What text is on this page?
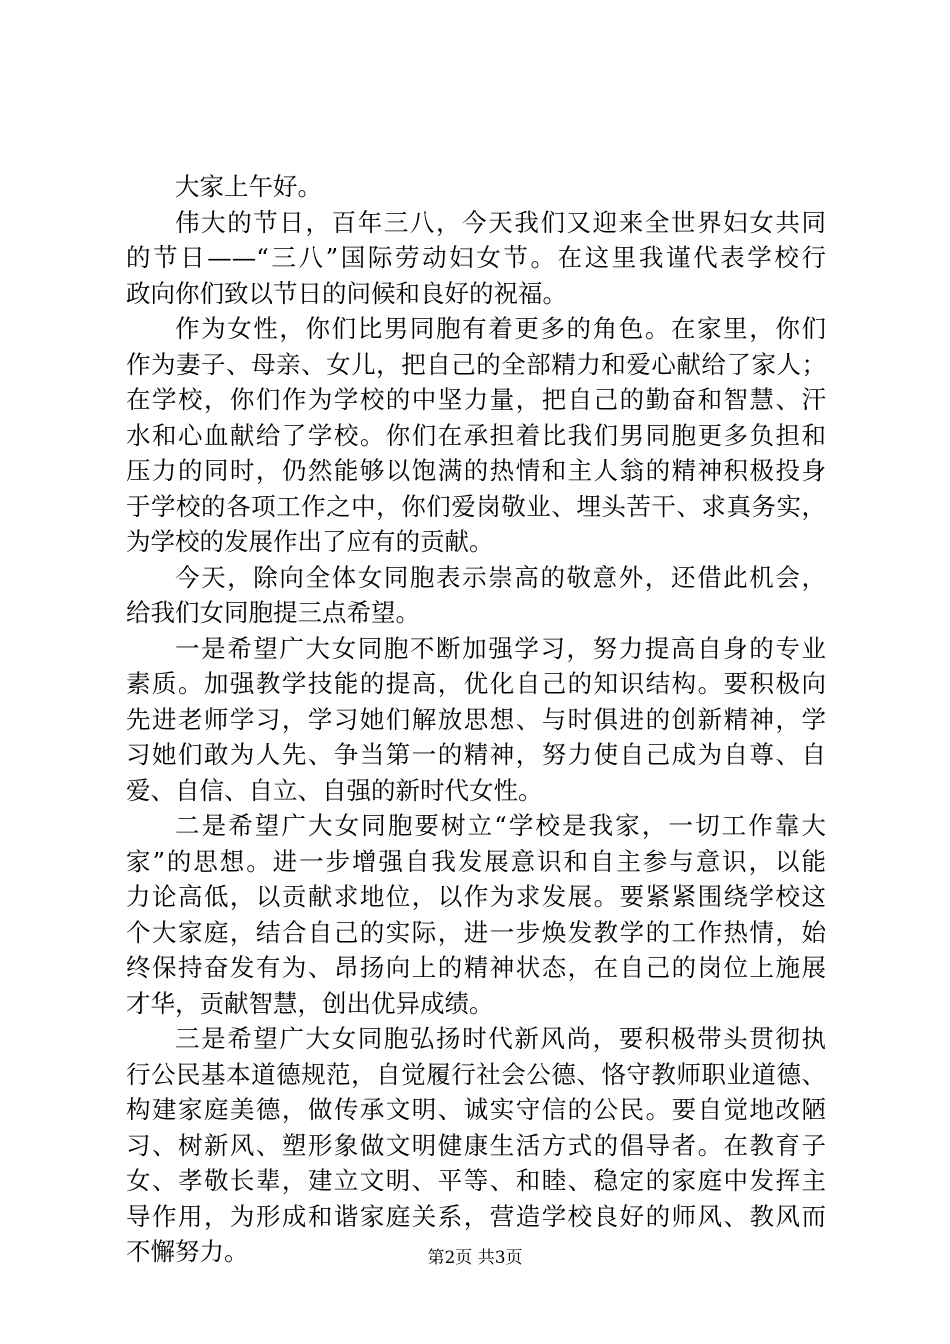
大家上午好。
伟大的节日，百年三八，今天我们又迎来全世界妇女共同
的节日——“三八”国际劳动妇女节。在这里我谨代表学校行
政向你们致以节日的问候和良好的祝福。
作为女性，你们比男同胞有着更多的角色。在家里，你们
作为妻子、母亲、女儿，把自己的全部精力和爱心献给了家人；
在学校，你们作为学校的中坚力量，把自己的勤奋和智慧、汗
水和心血献给了学校。你们在承担着比我们男同胞更多负担和
压力的同时，仍然能够以饱满的热情和主人翁的精神积极投身
于学校的各项工作之中，你们爱岗敬业、埋头苦干、求真务实，
为学校的发展作出了应有的贡献。
今天，除向全体女同胞表示崇高的敬意外，还借此机会，
给我们女同胞提三点希望。
一是希望广大女同胞不断加强学习，努力提高自身的专业
素质。加强教学技能的提高，优化自己的知识结构。要积极向
先进老师学习，学习她们解放思想、与时俱进的创新精神，学
习她们敢为人先、争当第一的精神，努力使自己成为自尊、自
爱、自信、自立、自强的新时代女性。
二是希望广大女同胞要树立“学校是我家，一切工作靠大
家”的思想。进一步增强自我发展意识和自主参与意识，以能
力论高低，以贡献求地位，以作为求发展。要紧紧围绕学校这
个大家庭，结合自己的实际，进一步焕发教学的工作热情，始
终保持奋发有为、昂扬向上的精神状态，在自己的岗位上施展
才华，贡献智慧，创出优异成绩。
三是希望广大女同胞弘扬时代新风尚，要积极带头贯彻执
行公民基本道德规范，自觉履行社会公德、恪守教师职业道德、
构建家庭美德，做传承文明、诚实守信的公民。要自觉地改陋
习、树新风、塑形象做文明健康生活方式的倡导者。在教育子
女、孝敬长辈，建立文明、平等、和睦、稳定的家庭中发挥主
导作用，为形成和谐家庭关系，营造学校良好的师风、教风而
不懈努力。	第2页 共3页
